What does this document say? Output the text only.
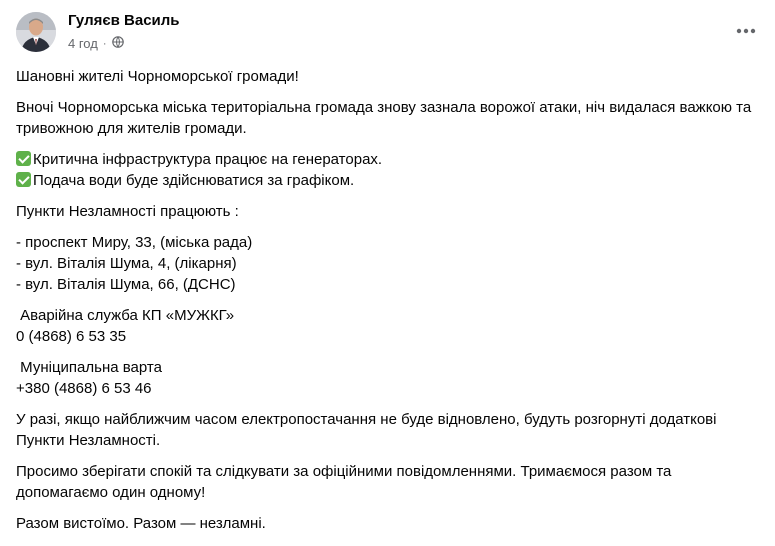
Гуляєв Василь
4 год ·

Шановні жителі Чорноморської громади!

Вночі Чорноморська міська територіальна громада знову зазнала ворожої атаки, ніч видалася важкою та тривожною для жителів громади.

Критична інфраструктура працює на генераторах.
Подача води буде здійснюватися за графіком.

Пункти Незламності працюють :

- проспект Миру, 33, (міська рада)
- вул. Віталія Шума, 4, (лікарня)
- вул. Віталія Шума, 66, (ДСНС)

Аварійна служба КП «МУЖКГ»
0 (4868) 6 53 35

Муніципальна варта
+380 (4868) 6 53 46

У разі, якщо найближчим часом електропостачання не буде відновлено, будуть розгорнуті додаткові Пункти Незламності.

Просимо зберігати спокій та слідкувати за офіційними повідомленнями. Тримаємося разом та допомагаємо один одному!

Разом вистоїмо. Разом — незламні.
